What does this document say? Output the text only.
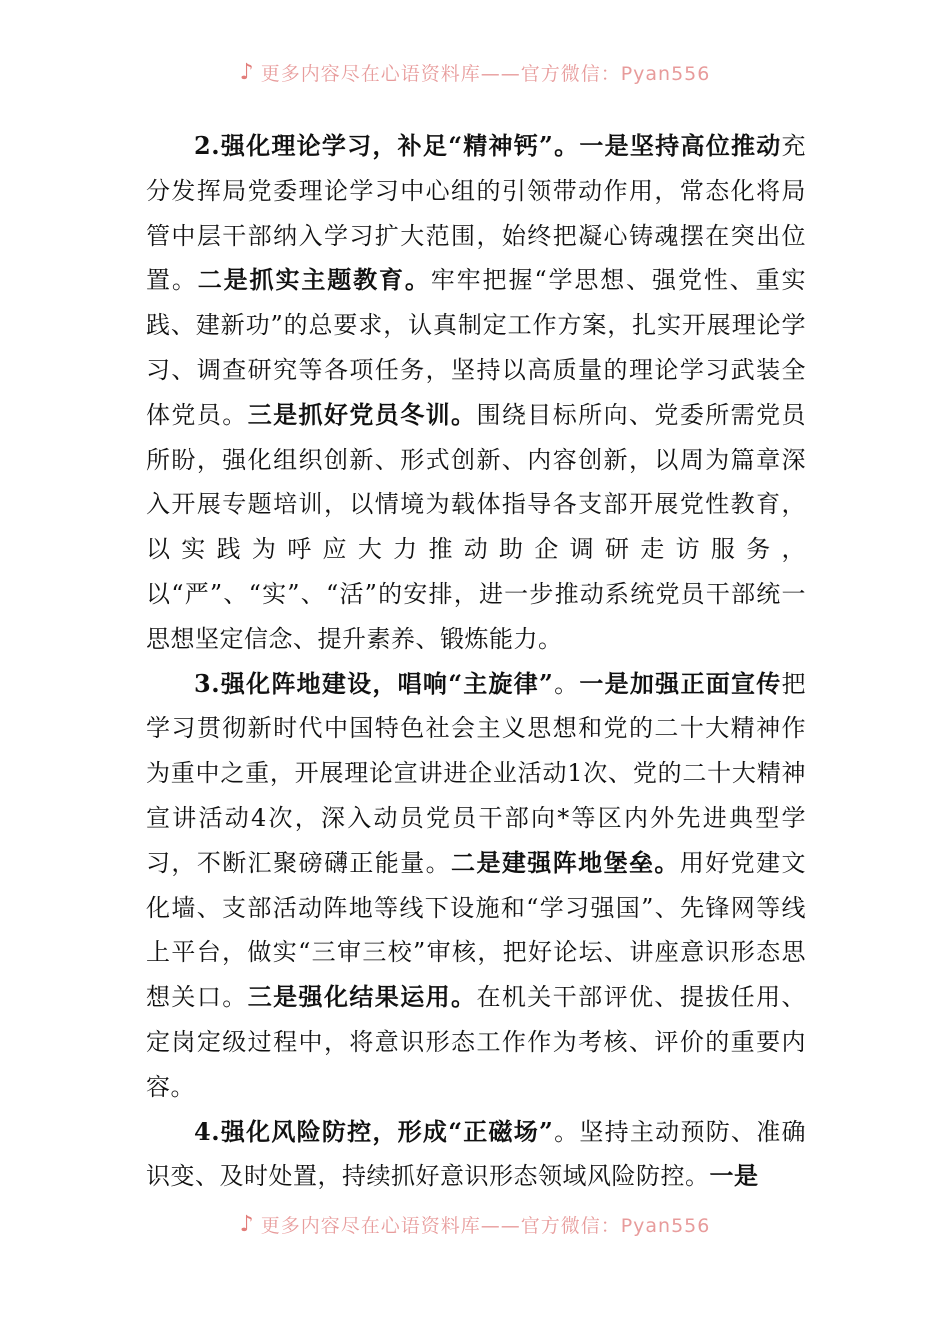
♪ 更多内容尽在心语资料库——官方微信：Pyan556

2.强化理论学习，补足“精神钙”。一是坚持高位推动充分发挥局党委理论学习中心组的引领带动作用，常态化将局管中层干部纳入学习扩大范围，始终把凝心铸魂摆在突出位置。二是抓实主题教育。牢牢把握“学思想、强党性、重实践、建新功”的总要求，认真制定工作方案，扎实开展理论学习、调查研究等各项任务，坚持以高质量的理论学习武装全体党员。三是抓好党员冬训。围绕目标所向、党委所需党员所盼，强化组织创新、形式创新、内容创新，以周为篇章深入开展专题培训，以情境为载体指导各支部开展党性教育，以实践为呼应大力推动助企调研走访服务，以“严”、“实”、“活”的安排，进一步推动系统党员干部统一思想坚定信念、提升素养、锻炼能力。

3.强化阵地建设，唱响“主旋律”。一是加强正面宣传把学习贯彻新时代中国特色社会主义思想和党的二十大精神作为重中之重，开展理论宣讲进企业活动1次、党的二十大精神宣讲活动4次，深入动员党员干部向*等区内外先进典型学习，不断汇聚磅礴正能量。二是建强阵地堡垒。用好党建文化墙、支部活动阵地等线下设施和“学习强国”、先锋网等线上平台，做实“三审三校”审核，把好论坛、讲座意识形态思想关口。三是强化结果运用。在机关干部评优、提拔任用、定岗定级过程中，将意识形态工作作为考核、评价的重要内容。

4.强化风险防控，形成“正磁场”。坚持主动预防、准确识变、及时处置，持续抓好意识形态领域风险防控。一是

♪ 更多内容尽在心语资料库——官方微信：Pyan556
